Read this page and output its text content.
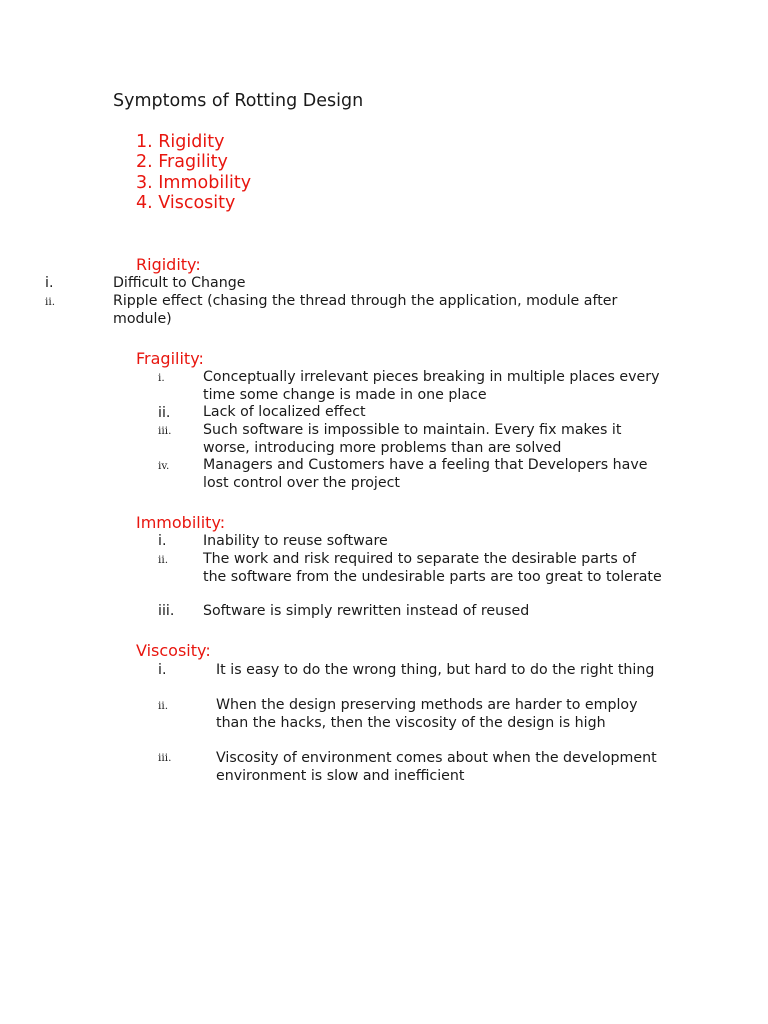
Symptoms of Rotting Design
1. Rigidity
2. Fragility
3. Immobility
4. Viscosity
Rigidity:
i.	Difficult to Change
ii.	Ripple effect (chasing the thread through the application, module after module)
Fragility:
i.	Conceptually irrelevant pieces breaking in multiple places every time some change is made in one place
ii. Lack of localized effect
iii. Such software is impossible to maintain. Every fix makes it worse, introducing more problems than are solved
iv. Managers and Customers have a feeling that Developers have lost control over the project
Immobility:
i.	Inability to reuse software
ii. The work and risk required to separate the desirable parts of the software from the undesirable parts are too great to tolerate
iii. Software is simply rewritten instead of reused
Viscosity:
i.	It is easy to do the wrong thing, but hard to do the right thing
ii.	When the design preserving methods are harder to employ than the hacks, then the viscosity of the design is high
iii.	Viscosity of environment comes about when the development environment is slow and inefficient
